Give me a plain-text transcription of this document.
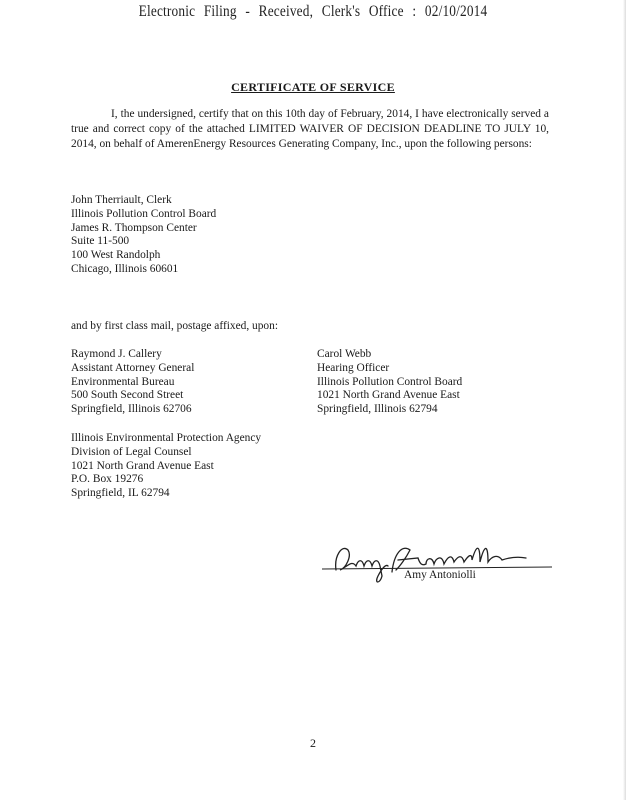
Electronic Filing - Received, Clerk's Office : 02/10/2014
CERTIFICATE OF SERVICE
I, the undersigned, certify that on this 10th day of February, 2014, I have electronically served a true and correct copy of the attached LIMITED WAIVER OF DECISION DEADLINE TO JULY 10, 2014, on behalf of AmerenEnergy Resources Generating Company, Inc., upon the following persons:
John Therriault, Clerk
Illinois Pollution Control Board
James R. Thompson Center
Suite 11-500
100 West Randolph
Chicago, Illinois 60601
and by first class mail, postage affixed, upon:
Raymond J. Callery
Assistant Attorney General
Environmental Bureau
500 South Second Street
Springfield, Illinois 62706
Carol Webb
Hearing Officer
Illinois Pollution Control Board
1021 North Grand Avenue East
Springfield, Illinois 62794
Illinois Environmental Protection Agency
Division of Legal Counsel
1021 North Grand Avenue East
P.O. Box 19276
Springfield, IL 62794
Amy Antoniolli
2
